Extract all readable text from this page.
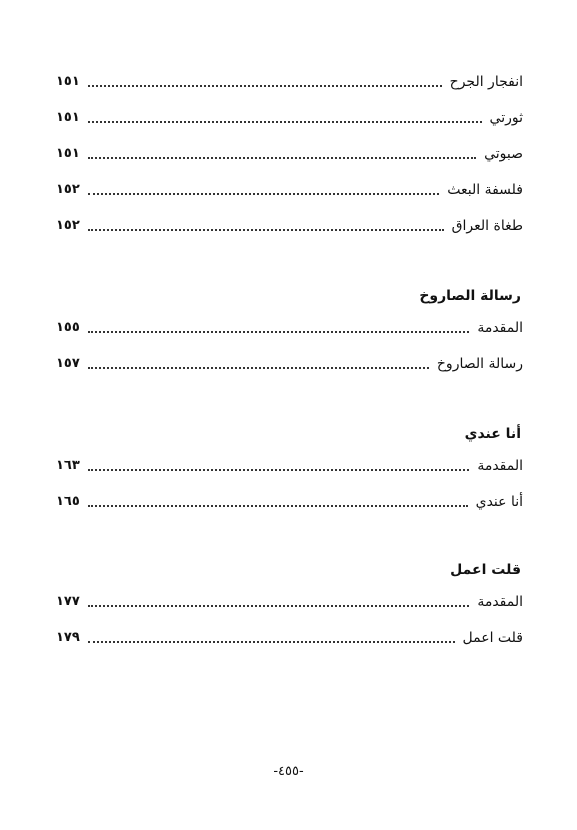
انفجار الجرح
١٥١
ثورتي
١٥١
صبوتي
١٥١
فلسفة البعث
١٥٢
طغاة العراق
١٥٢
رسالة الصاروخ
المقدمة
١٥٥
رسالة الصاروخ
١٥٧
أنا عندي
المقدمة
١٦٣
أنا عندي
١٦٥
قلت اعمل
المقدمة
١٧٧
قلت اعمل
١٧٩
-٤٥٥-
